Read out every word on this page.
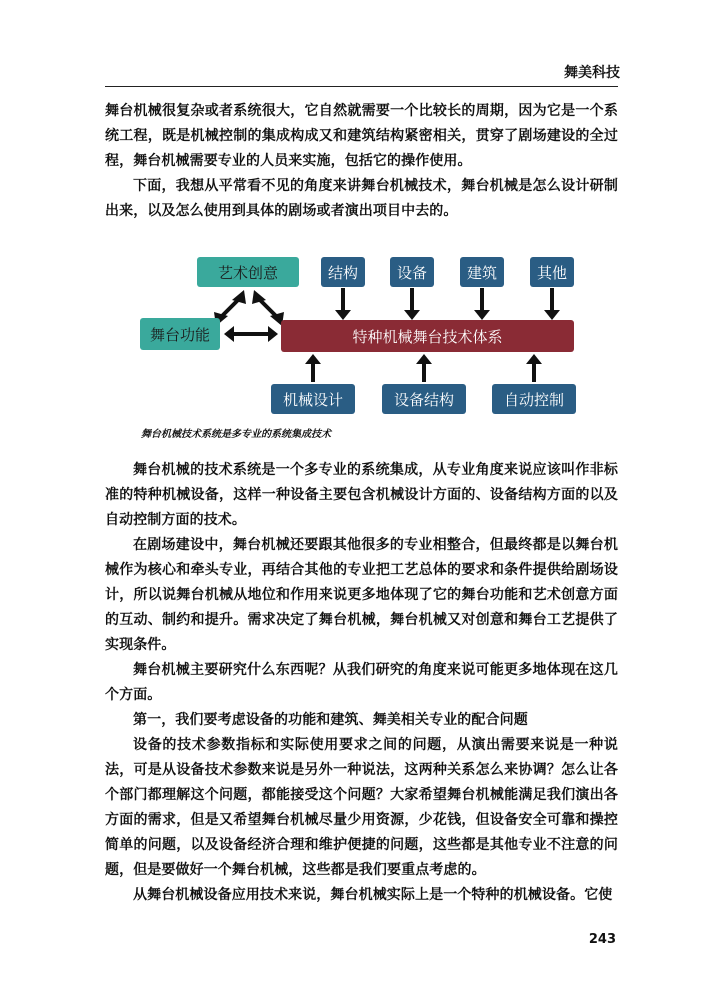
舞美科技

舞台机械很复杂或者系统很大，它自然就需要一个比较长的周期，因为它是一个系统工程，既是机械控制的集成构成又和建筑结构紧密相关，贯穿了剧场建设的全过程，舞台机械需要专业的人员来实施，包括它的操作使用。

下面，我想从平常看不见的角度来讲舞台机械技术，舞台机械是怎么设计研制出来，以及怎么使用到具体的剧场或者演出项目中去的。

艺术创意	结构	设备	建筑	其他
舞台功能	特种机械舞台技术体系
机械设计	设备结构	自动控制
舞台机械技术系统是多专业的系统集成技术

舞台机械的技术系统是一个多专业的系统集成，从专业角度来说应该叫作非标准的特种机械设备，这样一种设备主要包含机械设计方面的、设备结构方面的以及自动控制方面的技术。

在剧场建设中，舞台机械还要跟其他很多的专业相整合，但最终都是以舞台机械作为核心和牵头专业，再结合其他的专业把工艺总体的要求和条件提供给剧场设计，所以说舞台机械从地位和作用来说更多地体现了它的舞台功能和艺术创意方面的互动、制约和提升。需求决定了舞台机械，舞台机械又对创意和舞台工艺提供了实现条件。

舞台机械主要研究什么东西呢？从我们研究的角度来说可能更多地体现在这几个方面。

第一，我们要考虑设备的功能和建筑、舞美相关专业的配合问题

设备的技术参数指标和实际使用要求之间的问题，从演出需要来说是一种说法，可是从设备技术参数来说是另外一种说法，这两种关系怎么来协调？怎么让各个部门都理解这个问题，都能接受这个问题？大家希望舞台机械能满足我们演出各方面的需求，但是又希望舞台机械尽量少用资源，少花钱，但设备安全可靠和操控简单的问题，以及设备经济合理和维护便捷的问题，这些都是其他专业不注意的问题，但是要做好一个舞台机械，这些都是我们要重点考虑的。

从舞台机械设备应用技术来说，舞台机械实际上是一个特种的机械设备。它使

243
